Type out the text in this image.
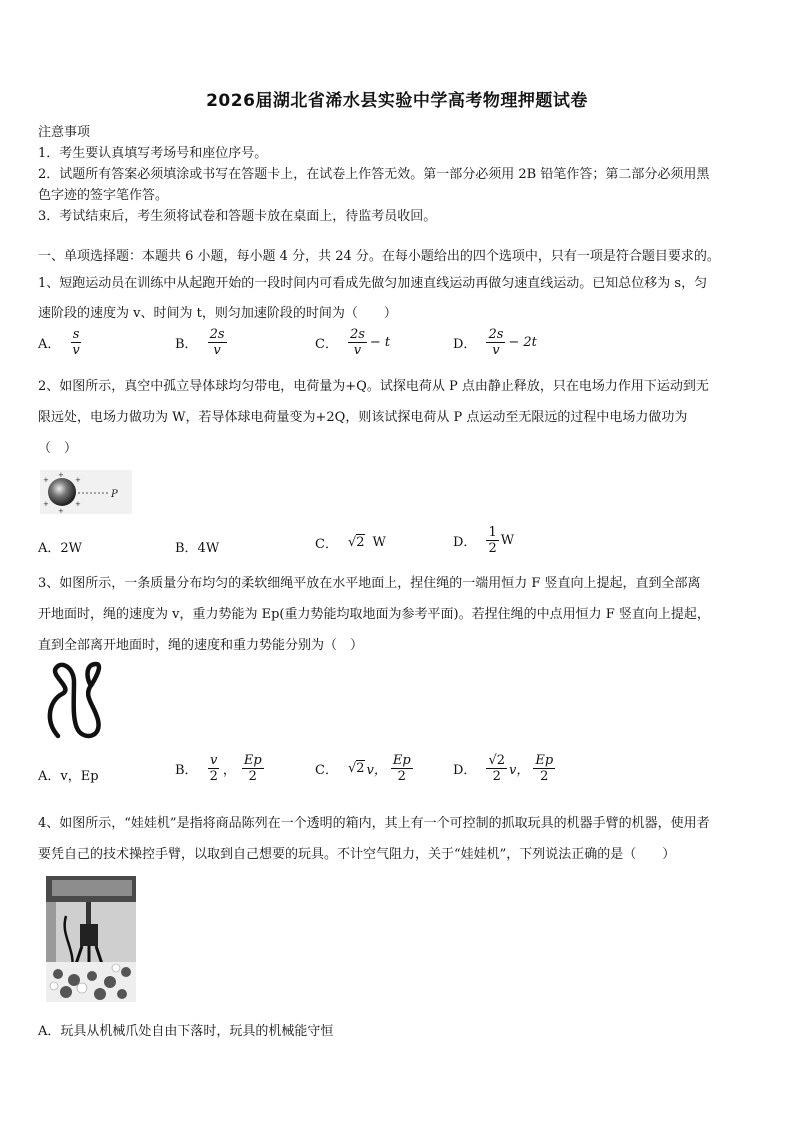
2026届湖北省浠水县实验中学高考物理押题试卷
注意事项
1．考生要认真填写考场号和座位序号。
2．试题所有答案必须填涂或书写在答题卡上，在试卷上作答无效。第一部分必须用 2B 铅笔作答；第二部分必须用黑
色字迹的签字笔作答。
3．考试结束后，考生须将试卷和答题卡放在桌面上，待监考员收回。
一、单项选择题：本题共 6 小题，每小题 4 分，共 24 分。在每小题给出的四个选项中，只有一项是符合题目要求的。
1、短跑运动员在训练中从起跑开始的一段时间内可看成先做匀加速直线运动再做匀速直线运动。已知总位移为 s，匀
速阶段的速度为 v、时间为 t，则匀加速阶段的时间为（　　）
A． $\frac{s}{v}$	B． $\frac{2s}{v}$	C． $\frac{2s}{v} - t$	D． $\frac{2s}{v} - 2t$
2、如图所示，真空中孤立导体球均匀带电，电荷量为+Q。试探电荷从 P 点由静止释放，只在电场力作用下运动到无
限远处，电场力做功为 W，若导体球电荷量变为+2Q，则该试探电荷从 P 点运动至无限远的过程中电场力做功为
（　）
+
+
+
+
+
+
P
A．2W	B．4W	C． √2 W	D． $\frac{1}{2}$ W
3、如图所示，一条质量分布均匀的柔软细绳平放在水平地面上，捏住绳的一端用恒力 F 竖直向上提起，直到全部离
开地面时，绳的速度为 v，重力势能为 Ep(重力势能均取地面为参考平面)。若捏住绳的中点用恒力 F 竖直向上提起，
直到全部离开地面时，绳的速度和重力势能分别为（　）
A．v，Ep	B． $\frac{v}{2}$ ， $\frac{Ep}{2}$	C． √2 v， $\frac{Ep}{2}$	D． $\frac{√2}{2}$ v， $\frac{Ep}{2}$
4、如图所示，“娃娃机”是指将商品陈列在一个透明的箱内，其上有一个可控制的抓取玩具的机器手臂的机器，使用者
要凭自己的技术操控手臂，以取到自己想要的玩具。不计空气阻力，关于“娃娃机”，下列说法正确的是（　　）
A．玩具从机械爪处自由下落时，玩具的机械能守恒
